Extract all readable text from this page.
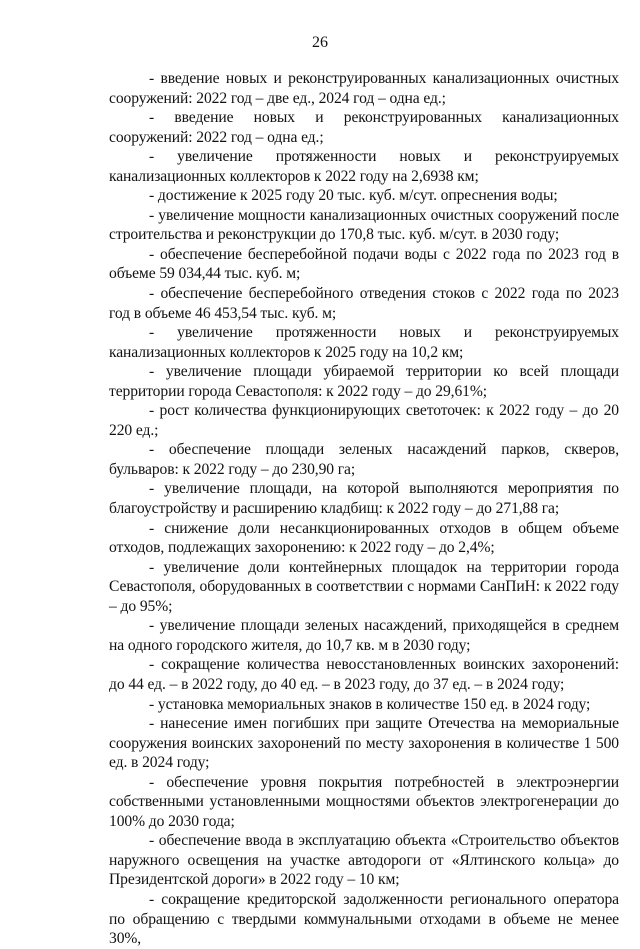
26

- введение новых и реконструированных канализационных очистных сооружений: 2022 год – две ед., 2024 год – одна ед.;

- введение новых и реконструированных канализационных сооружений: 2022 год – одна ед.;

- увеличение протяженности новых и реконструируемых канализационных коллекторов к 2022 году на 2,6938 км;

- достижение к 2025 году 20 тыс. куб. м/сут. опреснения воды;

- увеличение мощности канализационных очистных сооружений после строительства и реконструкции до 170,8 тыс. куб. м/сут. в 2030 году;

- обеспечение бесперебойной подачи воды с 2022 года по 2023 год в объеме 59 034,44 тыс. куб. м;

- обеспечение бесперебойного отведения стоков с 2022 года по 2023 год в объеме 46 453,54 тыс. куб. м;

- увеличение протяженности новых и реконструируемых канализационных коллекторов к 2025 году на 10,2 км;

- увеличение площади убираемой территории ко всей площади территории города Севастополя: к 2022 году – до 29,61%;

- рост количества функционирующих светоточек: к 2022 году – до 20 220 ед.;

- обеспечение площади зеленых насаждений парков, скверов, бульваров: к 2022 году – до 230,90 га;

- увеличение площади, на которой выполняются мероприятия по благоустройству и расширению кладбищ: к 2022 году – до 271,88 га;

- снижение доли несанкционированных отходов в общем объеме отходов, подлежащих захоронению: к 2022 году – до 2,4%;

- увеличение доли контейнерных площадок на территории города Севастополя, оборудованных в соответствии с нормами СанПиН: к 2022 году – до 95%;

- увеличение площади зеленых насаждений, приходящейся в среднем на одного городского жителя, до 10,7 кв. м в 2030 году;

- сокращение количества невосстановленных воинских захоронений: до 44 ед. – в 2022 году, до 40 ед. – в 2023 году, до 37 ед. – в 2024 году;

- установка мемориальных знаков в количестве 150 ед. в 2024 году;

- нанесение имен погибших при защите Отечества на мемориальные сооружения воинских захоронений по месту захоронения в количестве 1 500 ед. в 2024 году;

- обеспечение уровня покрытия потребностей в электроэнергии собственными установленными мощностями объектов электрогенерации до 100% до 2030 года;

- обеспечение ввода в эксплуатацию объекта «Строительство объектов наружного освещения на участке автодороги от «Ялтинского кольца» до Президентской дороги» в 2022 году – 10 км;

- сокращение кредиторской задолженности регионального оператора по обращению с твердыми коммунальными отходами в объеме не менее 30%,
